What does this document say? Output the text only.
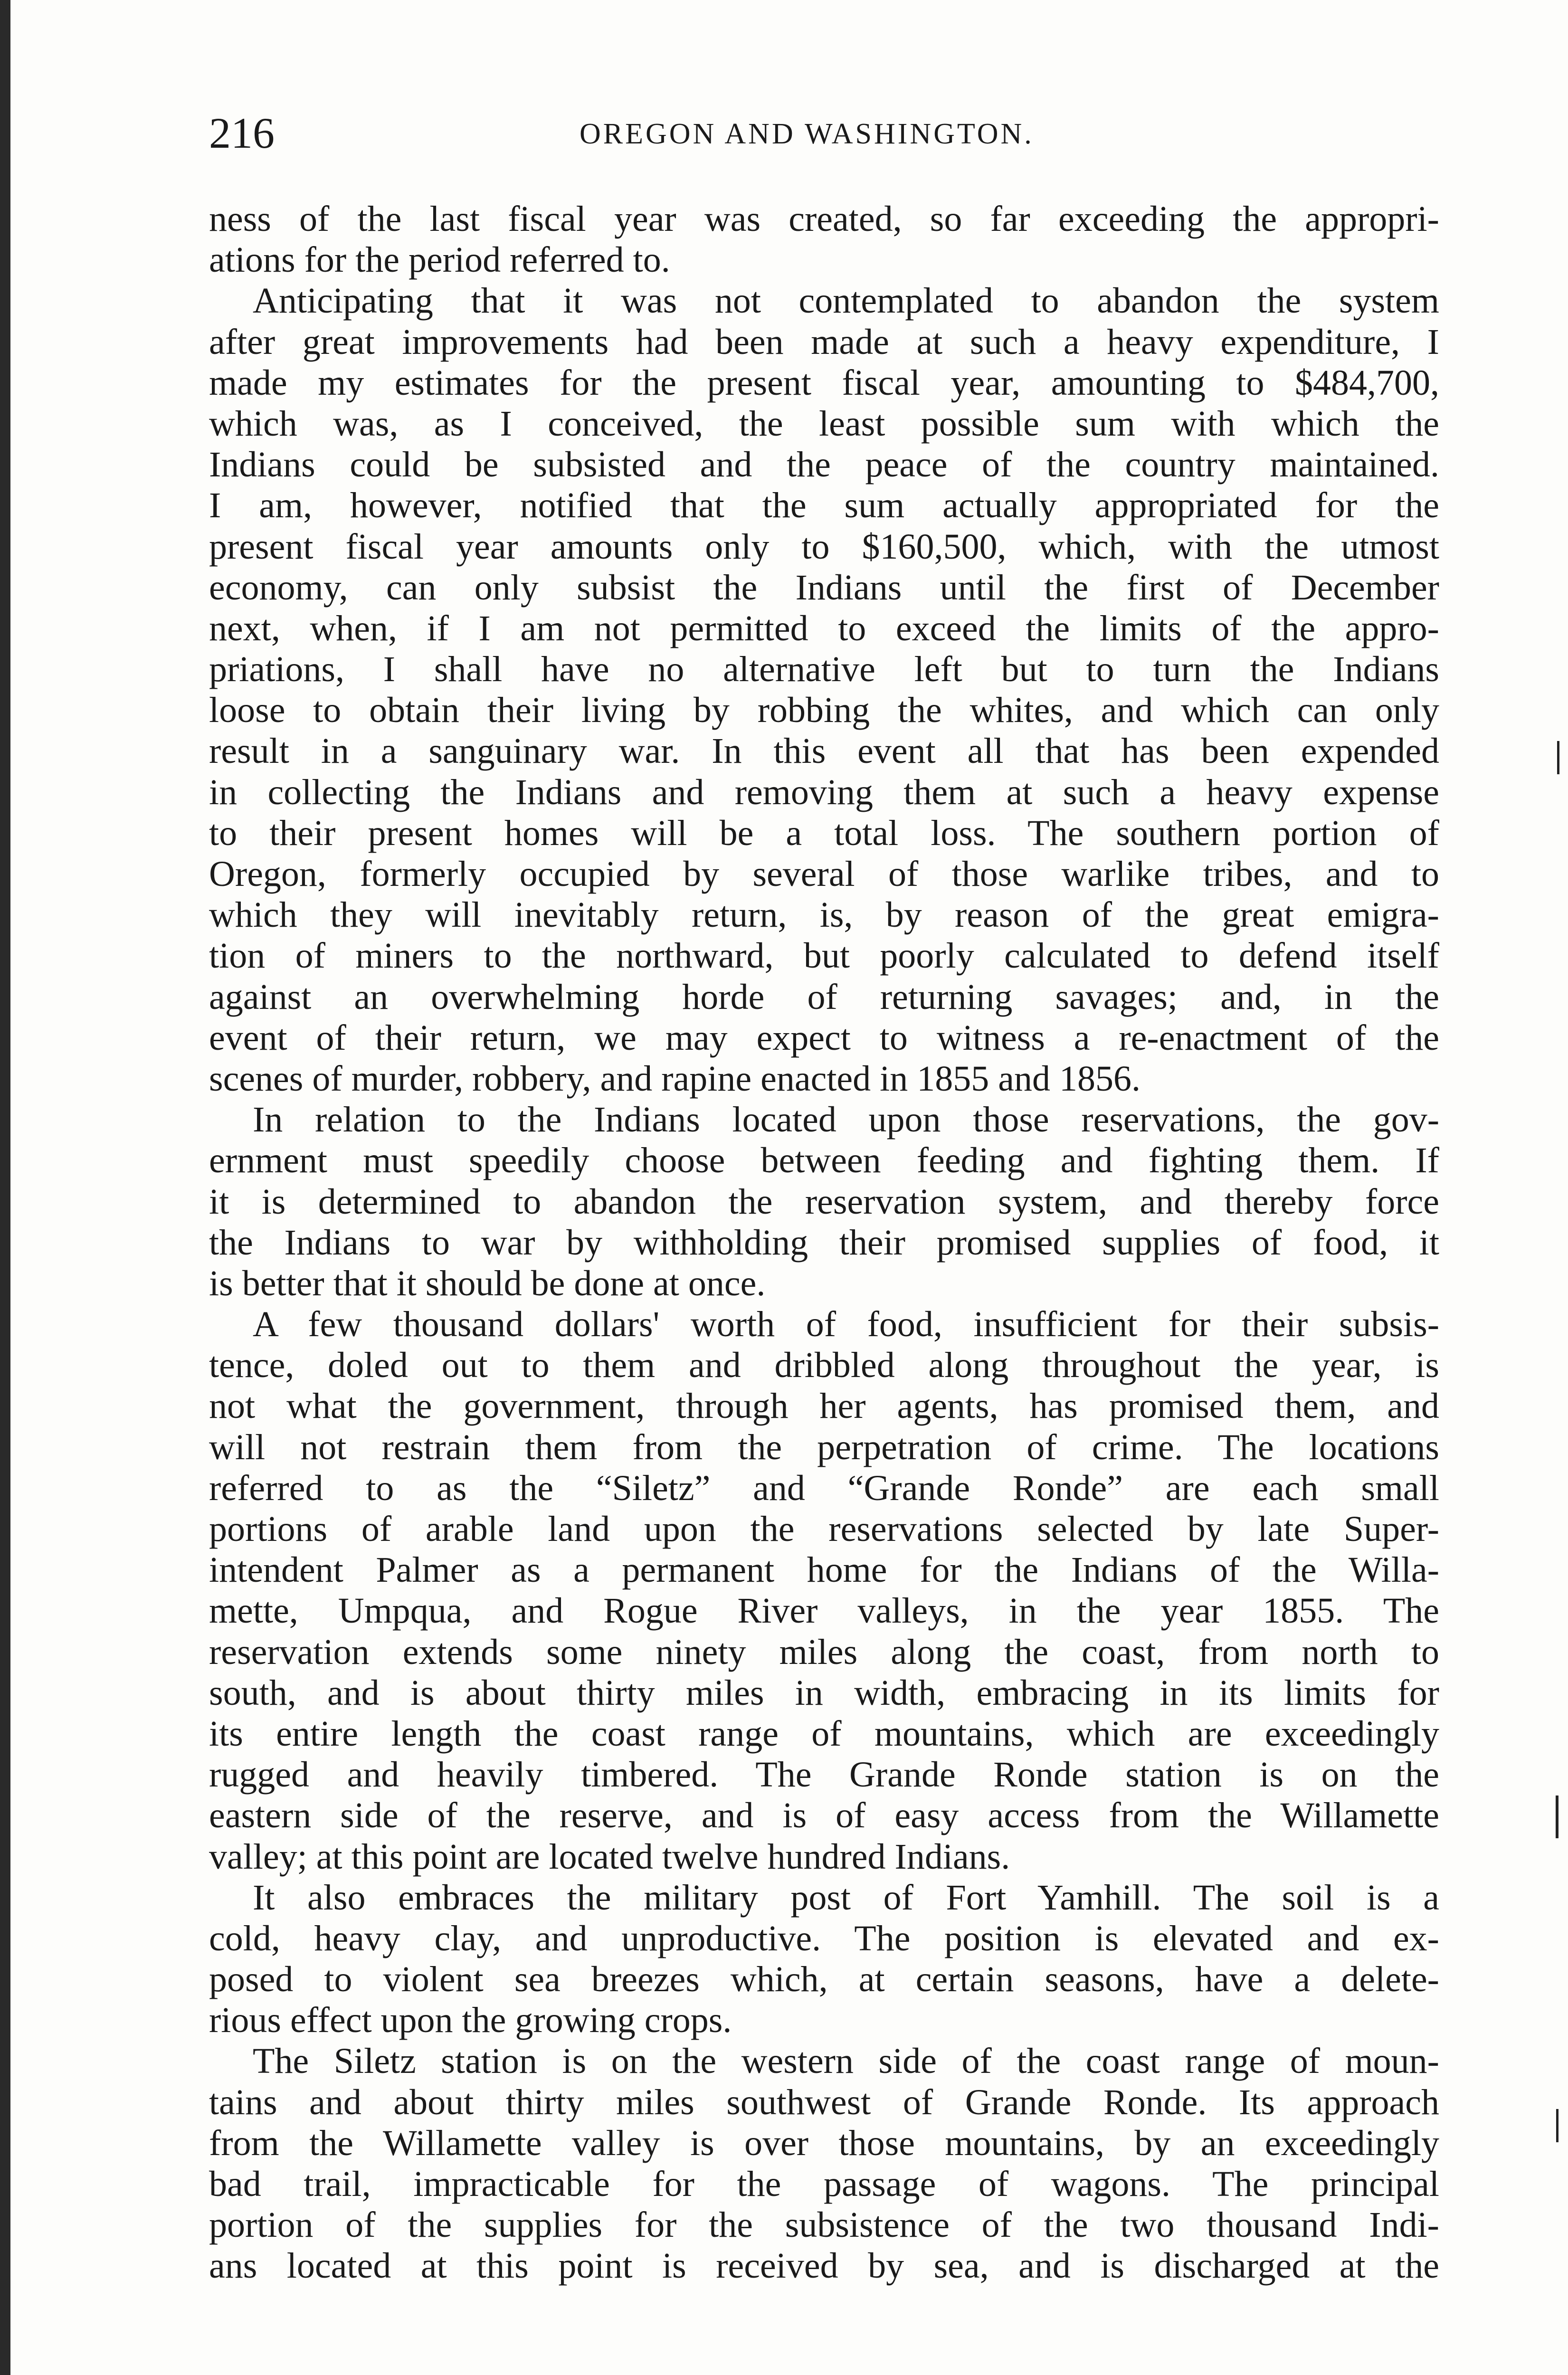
216	OREGON AND WASHINGTON.
ness of the last fiscal year was created, so far exceeding the appropri-
ations for the period referred to.
Anticipating that it was not contemplated to abandon the system
after great improvements had been made at such a heavy expenditure, I
made my estimates for the present fiscal year, amounting to $484,700,
which was, as I conceived, the least possible sum with which the
Indians could be subsisted and the peace of the country maintained.
I am, however, notified that the sum actually appropriated for the
present fiscal year amounts only to $160,500, which, with the utmost
economy, can only subsist the Indians until the first of December
next, when, if I am not permitted to exceed the limits of the appro-
priations, I shall have no alternative left but to turn the Indians
loose to obtain their living by robbing the whites, and which can only
result in a sanguinary war. In this event all that has been expended
in collecting the Indians and removing them at such a heavy expense
to their present homes will be a total loss. The southern portion of
Oregon, formerly occupied by several of those warlike tribes, and to
which they will inevitably return, is, by reason of the great emigra-
tion of miners to the northward, but poorly calculated to defend itself
against an overwhelming horde of returning savages; and, in the
event of their return, we may expect to witness a re-enactment of the
scenes of murder, robbery, and rapine enacted in 1855 and 1856.
In relation to the Indians located upon those reservations, the gov-
ernment must speedily choose between feeding and fighting them. If
it is determined to abandon the reservation system, and thereby force
the Indians to war by withholding their promised supplies of food, it
is better that it should be done at once.
A few thousand dollars' worth of food, insufficient for their subsis-
tence, doled out to them and dribbled along throughout the year, is
not what the government, through her agents, has promised them, and
will not restrain them from the perpetration of crime. The locations
referred to as the “Siletz” and “Grande Ronde” are each small
portions of arable land upon the reservations selected by late Super-
intendent Palmer as a permanent home for the Indians of the Willa-
mette, Umpqua, and Rogue River valleys, in the year 1855. The
reservation extends some ninety miles along the coast, from north to
south, and is about thirty miles in width, embracing in its limits for
its entire length the coast range of mountains, which are exceedingly
rugged and heavily timbered. The Grande Ronde station is on the
eastern side of the reserve, and is of easy access from the Willamette
valley; at this point are located twelve hundred Indians.
It also embraces the military post of Fort Yamhill. The soil is a
cold, heavy clay, and unproductive. The position is elevated and ex-
posed to violent sea breezes which, at certain seasons, have a delete-
rious effect upon the growing crops.
The Siletz station is on the western side of the coast range of moun-
tains and about thirty miles southwest of Grande Ronde. Its approach
from the Willamette valley is over those mountains, by an exceedingly
bad trail, impracticable for the passage of wagons. The principal
portion of the supplies for the subsistence of the two thousand Indi-
ans located at this point is received by sea, and is discharged at the
